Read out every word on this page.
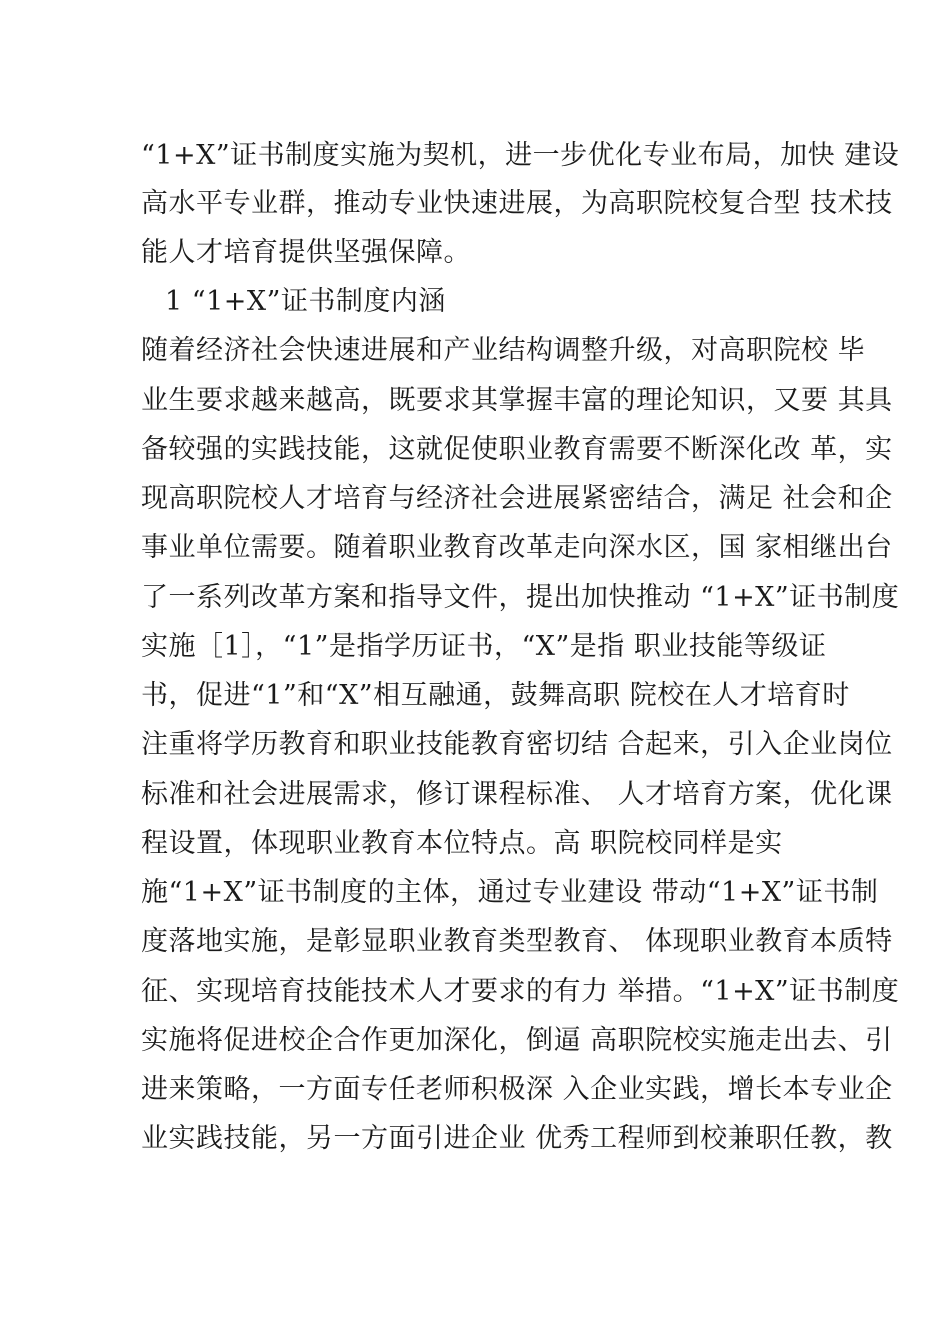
“1+X”证书制度实施为契机，进一步优化专业布局，加快 建设
高水平专业群，推动专业快速进展，为高职院校复合型 技术技
能人才培育提供坚强保障。
1 “1+X”证书制度内涵
随着经济社会快速进展和产业结构调整升级，对高职院校 毕
业生要求越来越高，既要求其掌握丰富的理论知识，又要 其具
备较强的实践技能，这就促使职业教育需要不断深化改 革，实
现高职院校人才培育与经济社会进展紧密结合，满足 社会和企
事业单位需要。随着职业教育改革走向深水区，国 家相继出台
了一系列改革方案和指导文件，提出加快推动 “1+X”证书制度
实施［1］，“1”是指学历证书，“X”是指 职业技能等级证
书，促进“1”和“X”相互融通，鼓舞高职 院校在人才培育时
注重将学历教育和职业技能教育密切结 合起来，引入企业岗位
标准和社会进展需求，修订课程标准、 人才培育方案，优化课
程设置，体现职业教育本位特点。高 职院校同样是实
施“1+X”证书制度的主体，通过专业建设 带动“1+X”证书制
度落地实施，是彰显职业教育类型教育、 体现职业教育本质特
征、实现培育技能技术人才要求的有力 举措。“1+X”证书制度
实施将促进校企合作更加深化，倒逼 高职院校实施走出去、引
进来策略，一方面专任老师积极深 入企业实践，增长本专业企
业实践技能，另一方面引进企业 优秀工程师到校兼职任教，教
